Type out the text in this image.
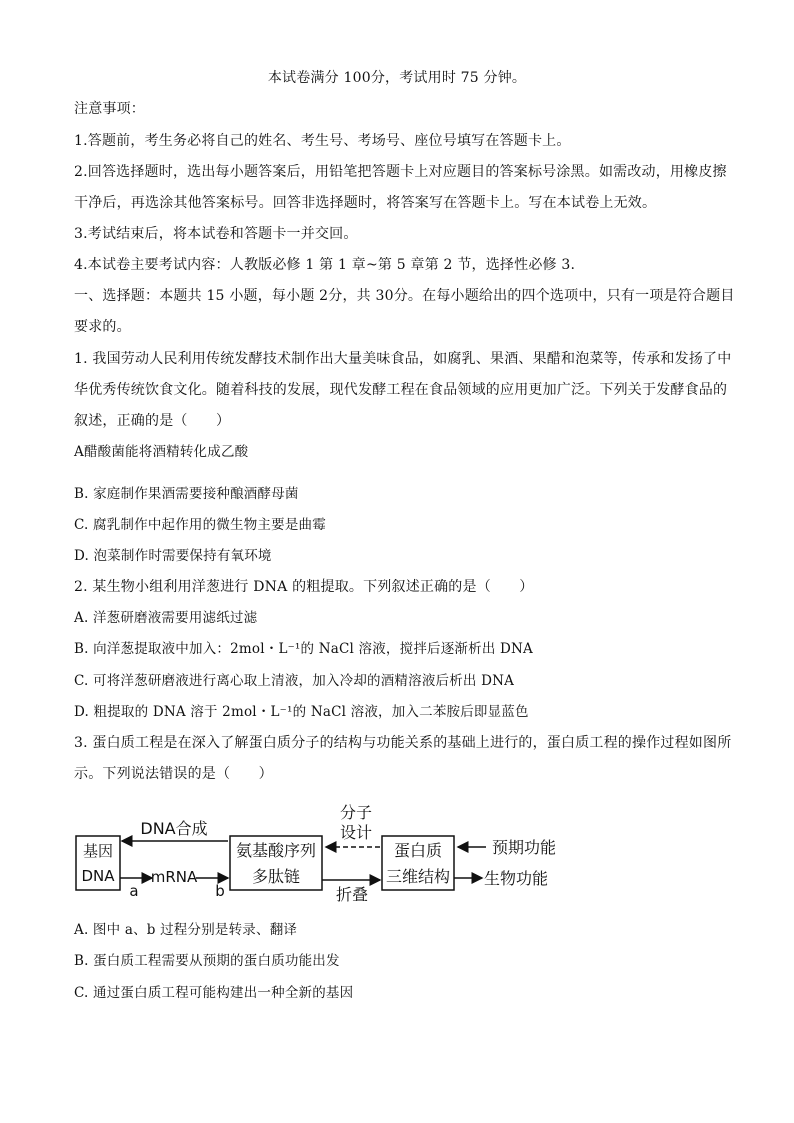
本试卷满分 100分，考试用时 75 分钟。
注意事项：
1.答题前，考生务必将自己的姓名、考生号、考场号、座位号填写在答题卡上。
2.回答选择题时，选出每小题答案后，用铅笔把答题卡上对应题目的答案标号涂黑。如需改动，用橡皮擦
干净后，再选涂其他答案标号。回答非选择题时，将答案写在答题卡上。写在本试卷上无效。
3.考试结束后，将本试卷和答题卡一并交回。
4.本试卷主要考试内容：人教版必修 1 第 1 章~第 5 章第 2 节，选择性必修 3.
一、选择题：本题共 15 小题，每小题 2分，共 30分。在每小题给出的四个选项中，只有一项是符合题目
要求的。
1. 我国劳动人民利用传统发酵技术制作出大量美味食品，如腐乳、果酒、果醋和泡菜等，传承和发扬了中
华优秀传统饮食文化。随着科技的发展，现代发酵工程在食品领域的应用更加广泛。下列关于发酵食品的
叙述，正确的是（　　）
A醋酸菌能将酒精转化成乙酸
B. 家庭制作果酒需要接种酿酒酵母菌
C. 腐乳制作中起作用的微生物主要是曲霉
D. 泡菜制作时需要保持有氧环境
2. 某生物小组利用洋葱进行 DNA 的粗提取。下列叙述正确的是（　　）
A. 洋葱研磨液需要用滤纸过滤
B. 向洋葱提取液中加入：2mol・L⁻¹的 NaCl 溶液，搅拌后逐渐析出 DNA
C. 可将洋葱研磨液进行离心取上清液，加入冷却的酒精溶液后析出 DNA
D. 粗提取的 DNA 溶于 2mol・L⁻¹的 NaCl 溶液，加入二苯胺后即显蓝色
3. 蛋白质工程是在深入了解蛋白质分子的结构与功能关系的基础上进行的，蛋白质工程的操作过程如图所
示。下列说法错误的是（　　）
基因
DNA
DNA合成
a
mRNA
b
氨基酸序列
多肽链
分子
设计
折叠
蛋白质
三维结构
预期功能
生物功能
A. 图中 a、b 过程分别是转录、翻译
B. 蛋白质工程需要从预期的蛋白质功能出发
C. 通过蛋白质工程可能构建出一种全新的基因
